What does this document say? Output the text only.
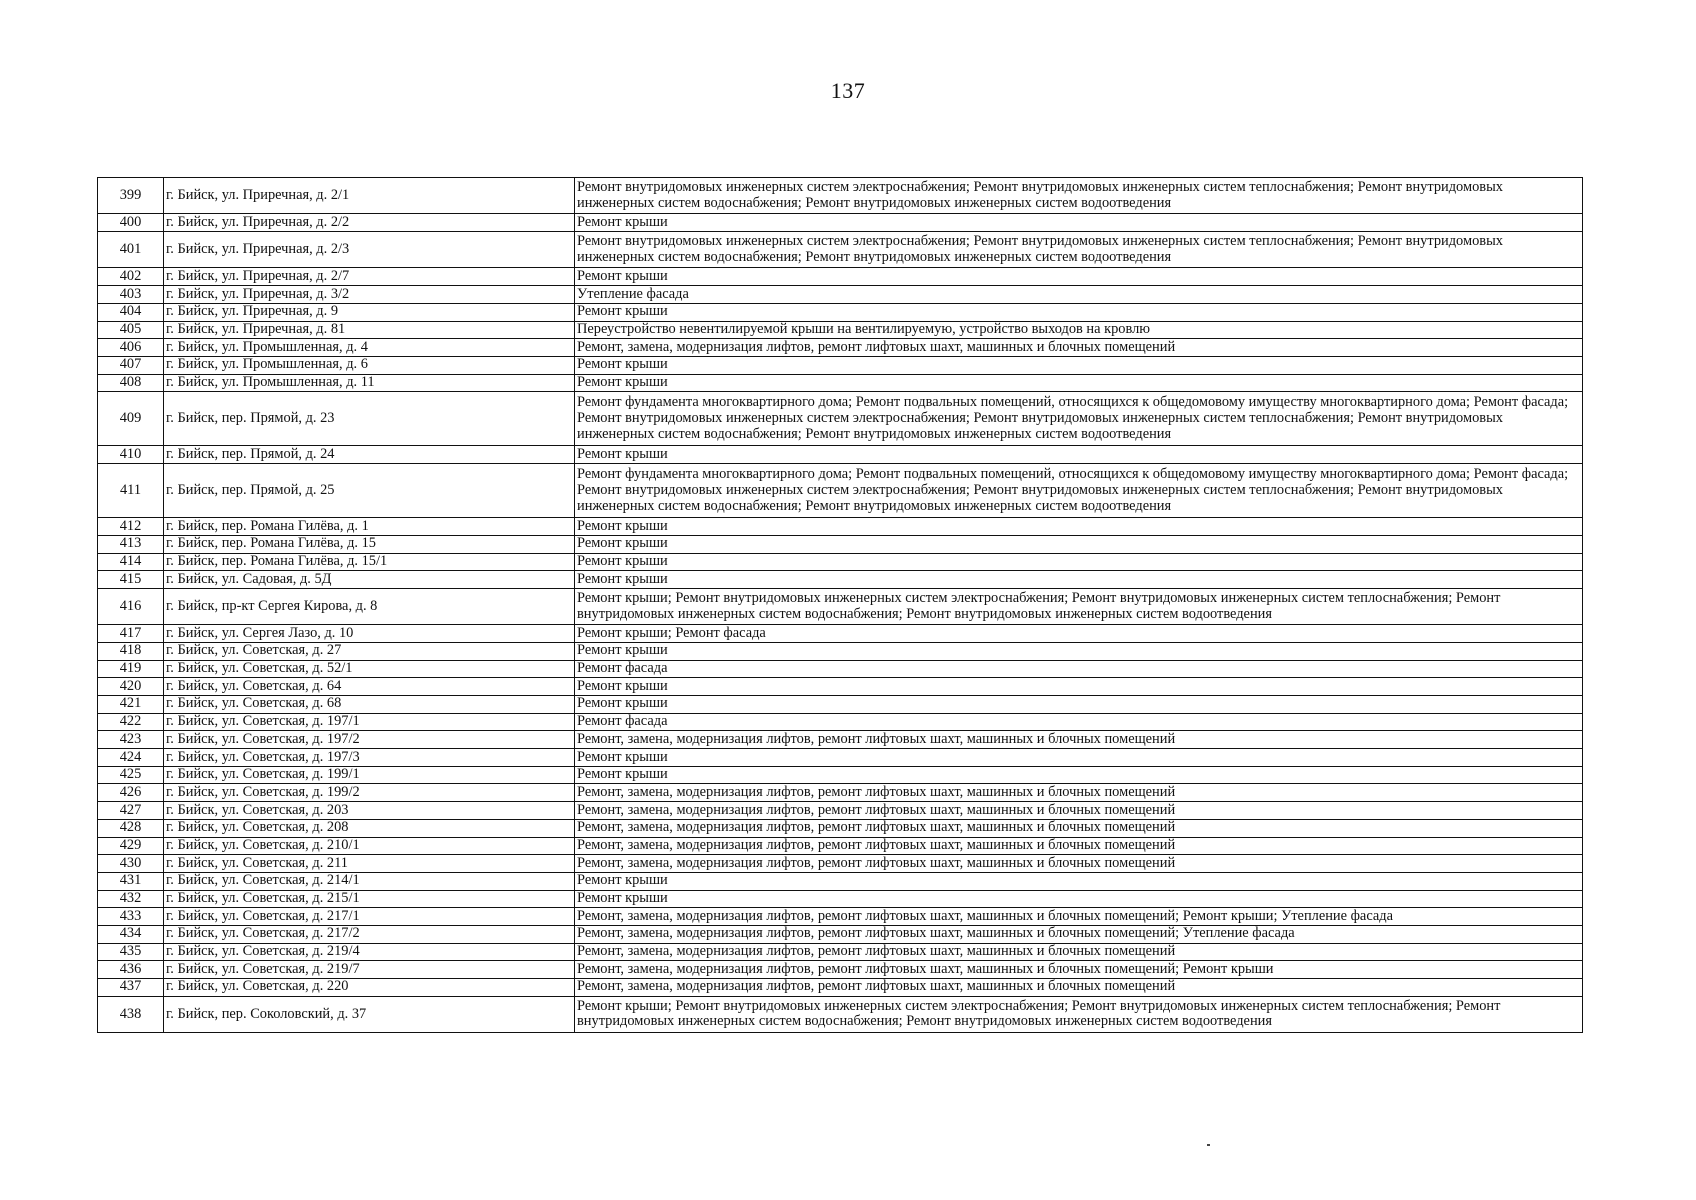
137
399	г. Бийск, ул. Приречная, д. 2/1	Ремонт внутридомовых инженерных систем электроснабжения; Ремонт внутридомовых инженерных систем теплоснабжения; Ремонт внутридомовых инженерных систем водоснабжения; Ремонт внутридомовых инженерных систем водоотведения
400	г. Бийск, ул. Приречная, д. 2/2	Ремонт крыши
401	г. Бийск, ул. Приречная, д. 2/3	Ремонт внутридомовых инженерных систем электроснабжения; Ремонт внутридомовых инженерных систем теплоснабжения; Ремонт внутридомовых инженерных систем водоснабжения; Ремонт внутридомовых инженерных систем водоотведения
402	г. Бийск, ул. Приречная, д. 2/7	Ремонт крыши
403	г. Бийск, ул. Приречная, д. 3/2	Утепление фасада
404	г. Бийск, ул. Приречная, д. 9	Ремонт крыши
405	г. Бийск, ул. Приречная, д. 81	Переустройство невентилируемой крыши на вентилируемую, устройство выходов на кровлю
406	г. Бийск, ул. Промышленная, д. 4	Ремонт, замена, модернизация лифтов, ремонт лифтовых шахт, машинных и блочных помещений
407	г. Бийск, ул. Промышленная, д. 6	Ремонт крыши
408	г. Бийск, ул. Промышленная, д. 11	Ремонт крыши
409	г. Бийск, пер. Прямой, д. 23	Ремонт фундамента многоквартирного дома; Ремонт подвальных помещений, относящихся к общедомовому имуществу многоквартирного дома; Ремонт фасада; Ремонт внутридомовых инженерных систем электроснабжения; Ремонт внутридомовых инженерных систем теплоснабжения; Ремонт внутридомовых инженерных систем водоснабжения; Ремонт внутридомовых инженерных систем водоотведения
410	г. Бийск, пер. Прямой, д. 24	Ремонт крыши
411	г. Бийск, пер. Прямой, д. 25	Ремонт фундамента многоквартирного дома; Ремонт подвальных помещений, относящихся к общедомовому имуществу многоквартирного дома; Ремонт фасада; Ремонт внутридомовых инженерных систем электроснабжения; Ремонт внутридомовых инженерных систем теплоснабжения; Ремонт внутридомовых инженерных систем водоснабжения; Ремонт внутридомовых инженерных систем водоотведения
412	г. Бийск, пер. Романа Гилёва, д. 1	Ремонт крыши
413	г. Бийск, пер. Романа Гилёва, д. 15	Ремонт крыши
414	г. Бийск, пер. Романа Гилёва, д. 15/1	Ремонт крыши
415	г. Бийск, ул. Садовая, д. 5Д	Ремонт крыши
416	г. Бийск, пр-кт Сергея Кирова, д. 8	Ремонт крыши; Ремонт внутридомовых инженерных систем электроснабжения; Ремонт внутридомовых инженерных систем теплоснабжения; Ремонт внутридомовых инженерных систем водоснабжения; Ремонт внутридомовых инженерных систем водоотведения
417	г. Бийск, ул. Сергея Лазо, д. 10	Ремонт крыши; Ремонт фасада
418	г. Бийск, ул. Советская, д. 27	Ремонт крыши
419	г. Бийск, ул. Советская, д. 52/1	Ремонт фасада
420	г. Бийск, ул. Советская, д. 64	Ремонт крыши
421	г. Бийск, ул. Советская, д. 68	Ремонт крыши
422	г. Бийск, ул. Советская, д. 197/1	Ремонт фасада
423	г. Бийск, ул. Советская, д. 197/2	Ремонт, замена, модернизация лифтов, ремонт лифтовых шахт, машинных и блочных помещений
424	г. Бийск, ул. Советская, д. 197/3	Ремонт крыши
425	г. Бийск, ул. Советская, д. 199/1	Ремонт крыши
426	г. Бийск, ул. Советская, д. 199/2	Ремонт, замена, модернизация лифтов, ремонт лифтовых шахт, машинных и блочных помещений
427	г. Бийск, ул. Советская, д. 203	Ремонт, замена, модернизация лифтов, ремонт лифтовых шахт, машинных и блочных помещений
428	г. Бийск, ул. Советская, д. 208	Ремонт, замена, модернизация лифтов, ремонт лифтовых шахт, машинных и блочных помещений
429	г. Бийск, ул. Советская, д. 210/1	Ремонт, замена, модернизация лифтов, ремонт лифтовых шахт, машинных и блочных помещений
430	г. Бийск, ул. Советская, д. 211	Ремонт, замена, модернизация лифтов, ремонт лифтовых шахт, машинных и блочных помещений
431	г. Бийск, ул. Советская, д. 214/1	Ремонт крыши
432	г. Бийск, ул. Советская, д. 215/1	Ремонт крыши
433	г. Бийск, ул. Советская, д. 217/1	Ремонт, замена, модернизация лифтов, ремонт лифтовых шахт, машинных и блочных помещений; Ремонт крыши; Утепление фасада
434	г. Бийск, ул. Советская, д. 217/2	Ремонт, замена, модернизация лифтов, ремонт лифтовых шахт, машинных и блочных помещений; Утепление фасада
435	г. Бийск, ул. Советская, д. 219/4	Ремонт, замена, модернизация лифтов, ремонт лифтовых шахт, машинных и блочных помещений
436	г. Бийск, ул. Советская, д. 219/7	Ремонт, замена, модернизация лифтов, ремонт лифтовых шахт, машинных и блочных помещений; Ремонт крыши
437	г. Бийск, ул. Советская, д. 220	Ремонт, замена, модернизация лифтов, ремонт лифтовых шахт, машинных и блочных помещений
438	г. Бийск, пер. Соколовский, д. 37	Ремонт крыши; Ремонт внутридомовых инженерных систем электроснабжения; Ремонт внутридомовых инженерных систем теплоснабжения; Ремонт внутридомовых инженерных систем водоснабжения; Ремонт внутридомовых инженерных систем водоотведения
